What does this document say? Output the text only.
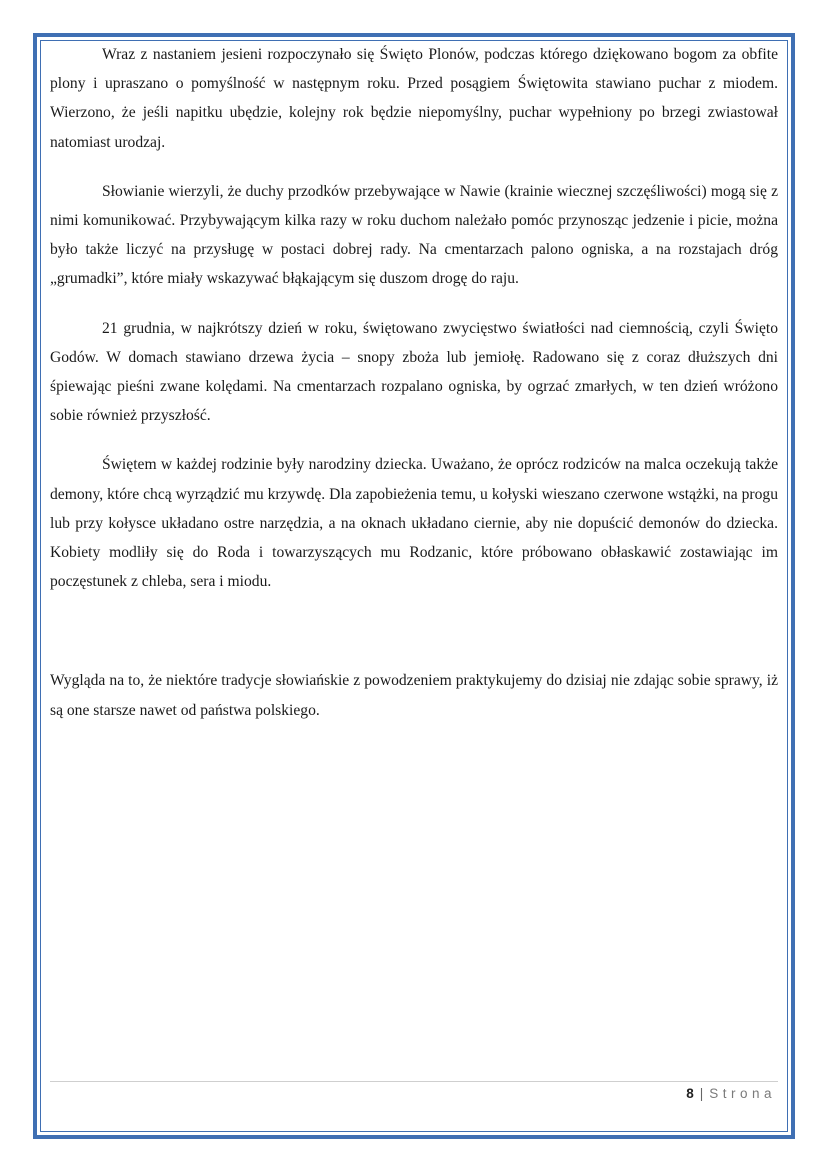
Wraz z nastaniem jesieni rozpoczynało się Święto Plonów, podczas którego dziękowano bogom za obfite plony i upraszano o pomyślność w następnym roku. Przed posągiem Świętowita stawiano puchar z miodem. Wierzono, że jeśli napitku ubędzie, kolejny rok będzie niepomyślny, puchar wypełniony po brzegi zwiastował natomiast urodzaj.

Słowianie wierzyli, że duchy przodków przebywające w Nawie (krainie wiecznej szczęśliwości) mogą się z nimi komunikować. Przybywającym kilka razy w roku duchom należało pomóc przynosząc jedzenie i picie, można było także liczyć na przysługę w postaci dobrej rady. Na cmentarzach palono ogniska, a na rozstajach dróg „grumadki”, które miały wskazywać błąkającym się duszom drogę do raju.

21 grudnia, w najkrótszy dzień w roku, świętowano zwycięstwo światłości nad ciemnością, czyli Święto Godów. W domach stawiano drzewa życia – snopy zboża lub jemiołę. Radowano się z coraz dłuższych dni śpiewając pieśni zwane kolędami. Na cmentarzach rozpalano ogniska, by ogrzać zmarłych, w ten dzień wróżono sobie również przyszłość.

Świętem w każdej rodzinie były narodziny dziecka. Uważano, że oprócz rodziców na malca oczekują także demony, które chcą wyrządzić mu krzywdę. Dla zapobieżenia temu, u kołyski wieszano czerwone wstążki, na progu lub przy kołysce układano ostre narzędzia, a na oknach układano ciernie, aby nie dopuścić demonów do dziecka. Kobiety modliły się do Roda i towarzyszących mu Rodzanic, które próbowano obłaskawić zostawiając im poczęstunek z chleba, sera i miodu.

Wygląda na to, że niektóre tradycje słowiańskie z powodzeniem praktykujemy do dzisiaj nie zdając sobie sprawy, iż są one starsze nawet od państwa polskiego.

8 | Strona
